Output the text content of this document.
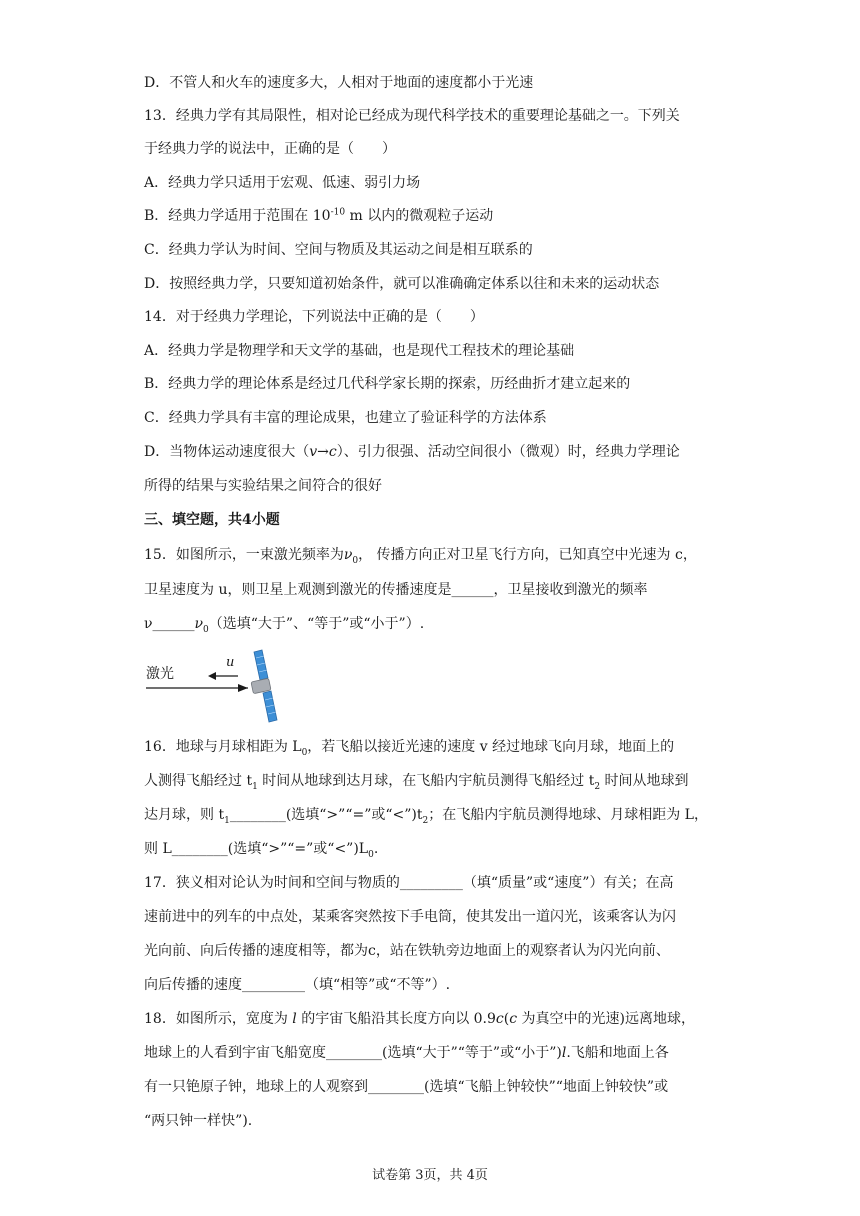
D．不管人和火车的速度多大，人相对于地面的速度都小于光速
13．经典力学有其局限性，相对论已经成为现代科学技术的重要理论基础之一。下列关
于经典力学的说法中，正确的是（　　）
A．经典力学只适用于宏观、低速、弱引力场
B．经典力学适用于范围在 $10^{-10}$ m 以内的微观粒子运动
C．经典力学认为时间、空间与物质及其运动之间是相互联系的
D．按照经典力学，只要知道初始条件，就可以准确确定体系以往和未来的运动状态
14．对于经典力学理论，下列说法中正确的是（　　）
A．经典力学是物理学和天文学的基础，也是现代工程技术的理论基础
B．经典力学的理论体系是经过几代科学家长期的探索，历经曲折才建立起来的
C．经典力学具有丰富的理论成果，也建立了验证科学的方法体系
D．当物体运动速度很大（v→c）、引力很强、活动空间很小（微观）时，经典力学理论
所得的结果与实验结果之间符合的很好
三、填空题，共4小题
15．如图所示，一束激光频率为$\nu_0$， 传播方向正对卫星飞行方向，已知真空中光速为 c，
卫星速度为 u，则卫星上观测到激光的传播速度是______，卫星接收到激光的频率
$\nu\_\_\_\_\_\_\nu_0$（选填“大于”、“等于”或“小于”）.
激光
u
16．地球与月球相距为 $L_0$，若飞船以接近光速的速度 v 经过地球飞向月球，地面上的
人测得飞船经过 $t_1$ 时间从地球到达月球，在飞船内宇航员测得飞船经过 $t_2$ 时间从地球到
达月球，则 $t_1\_\_\_\_\_\_\_\_$(选填“>”“=”或“$<”)t_2$；在飞船内宇航员测得地球、月球相距为 L，
则 L________(选填“>”“=”或“$<”)L_0$.
17．狭义相对论认为时间和空间与物质的_________（填“质量”或“速度”）有关；在高
速前进中的列车的中点处，某乘客突然按下手电筒，使其发出一道闪光，该乘客认为闪
光向前、向后传播的速度相等，都为c，站在铁轨旁边地面上的观察者认为闪光向前、
向后传播的速度_________（填“相等”或“不等”）.
18．如图所示，宽度为 l 的宇宙飞船沿其长度方向以 0.9c(c 为真空中的光速)远离地球，
地球上的人看到宇宙飞船宽度________(选填“大于”“等于”或“小于”)l.飞船和地面上各
有一只铯原子钟，地球上的人观察到________(选填“飞船上钟较快”“地面上钟较快”或
“两只钟一样快”).
试卷第 3页，共 4页
